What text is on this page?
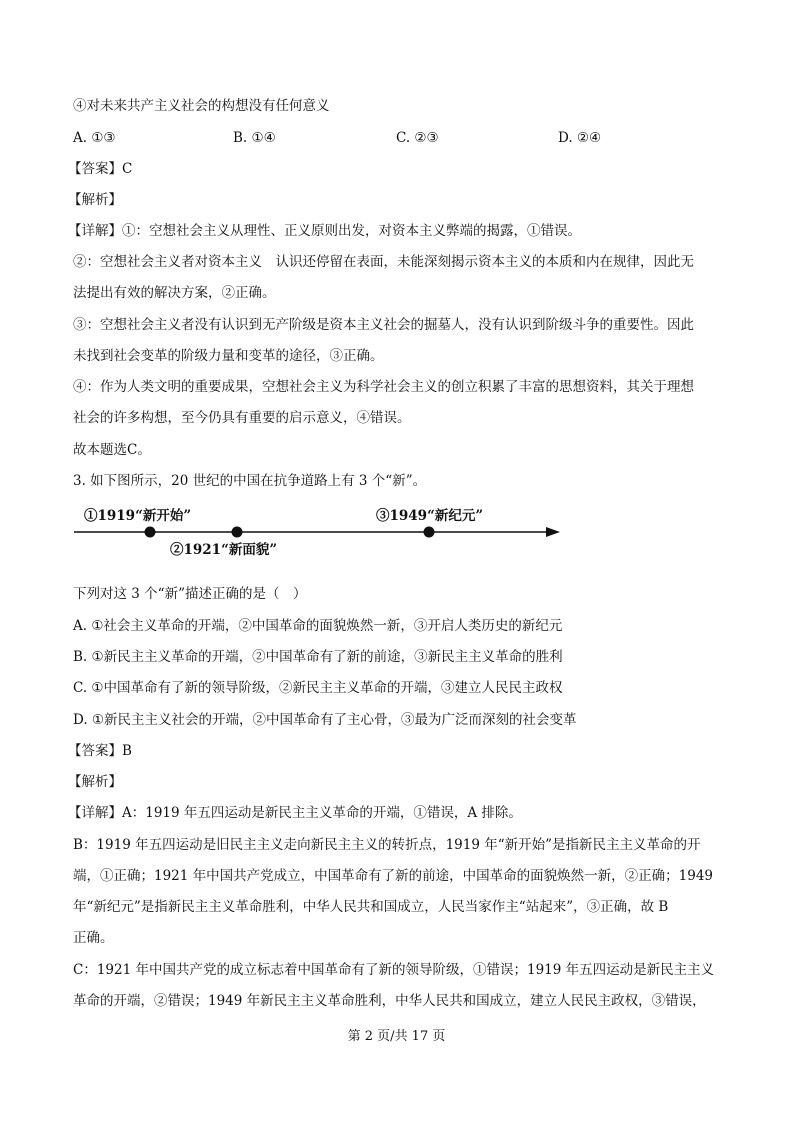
④对未来共产主义社会的构想没有任何意义
A. ①③	B. ①④	C. ②③	D. ②④
【答案】C
【解析】
【详解】①：空想社会主义从理性、正义原则出发，对资本主义弊端的揭露，①错误。
②：空想社会主义者对资本主义　认识还停留在表面，未能深刻揭示资本主义的本质和内在规律，因此无
法提出有效的解决方案，②正确。
③：空想社会主义者没有认识到无产阶级是资本主义社会的掘墓人，没有认识到阶级斗争的重要性。因此
未找到社会变革的阶级力量和变革的途径，③正确。
④：作为人类文明的重要成果，空想社会主义为科学社会主义的创立积累了丰富的思想资料，其关于理想
社会的许多构想，至今仍具有重要的启示意义，④错误。
故本题选C。
3. 如下图所示，20 世纪的中国在抗争道路上有 3 个“新”。
①1919“新开始”
②1921“新面貌”
③1949“新纪元”
下列对这 3 个“新”描述正确的是（　）
A. ①社会主义革命的开端，②中国革命的面貌焕然一新，③开启人类历史的新纪元
B. ①新民主主义革命的开端，②中国革命有了新的前途，③新民主主义革命的胜利
C. ①中国革命有了新的领导阶级，②新民主主义革命的开端，③建立人民民主政权
D. ①新民主主义社会的开端，②中国革命有了主心骨，③最为广泛而深刻的社会变革
【答案】B
【解析】
【详解】A：1919 年五四运动是新民主主义革命的开端，①错误，A 排除。
B：1919 年五四运动是旧民主主义走向新民主主义的转折点，1919 年“新开始”是指新民主主义革命的开
端，①正确；1921 年中国共产党成立，中国革命有了新的前途，中国革命的面貌焕然一新，②正确；1949
年“新纪元”是指新民主主义革命胜利，中华人民共和国成立，人民当家作主“站起来”，③正确，故 B
正确。
C：1921 年中国共产党的成立标志着中国革命有了新的领导阶级，①错误；1919 年五四运动是新民主主义
革命的开端，②错误；1949 年新民主主义革命胜利，中华人民共和国成立，建立人民民主政权，③错误，
第 2 页/共 17 页
